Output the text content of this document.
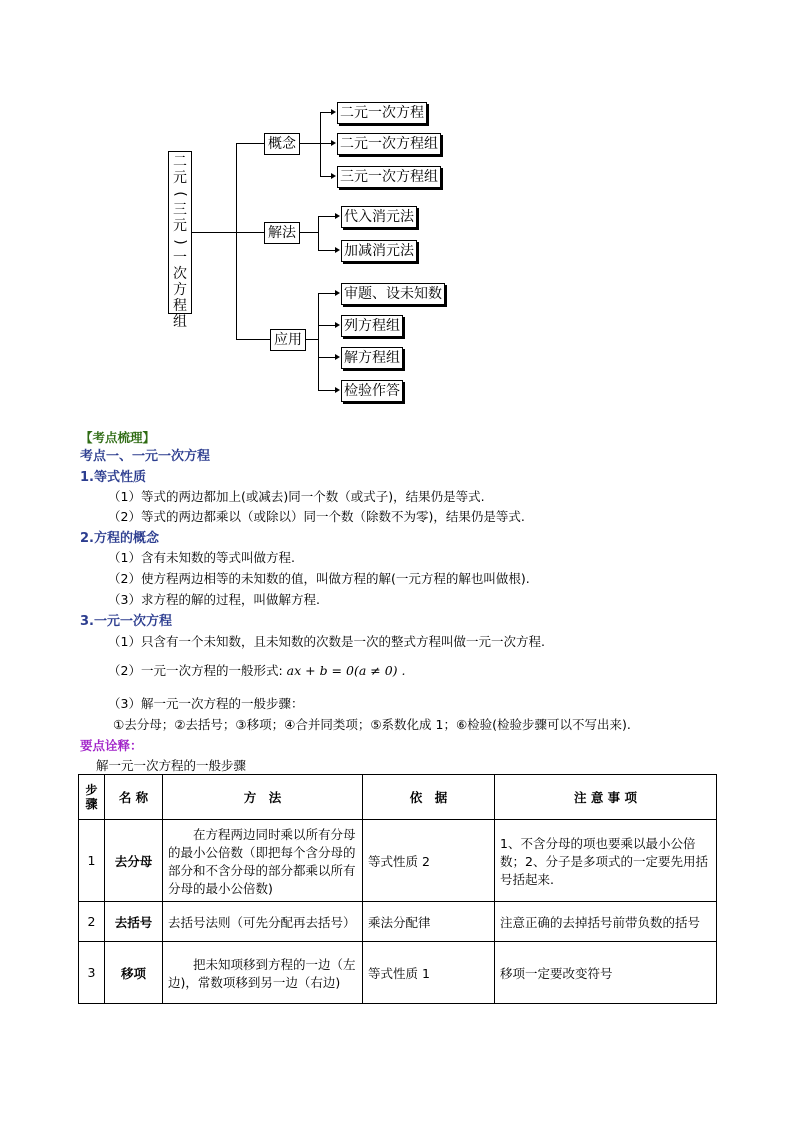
二
元
(
三
元
)
一
次
方
程
组
概念
解法
应用
二元一次方程
二元一次方程组
三元一次方程组
代入消元法
加减消元法
审题、设未知数
列方程组
解方程组
检验作答
【考点梳理】
考点一、一元一次方程
1.等式性质

（1）等式的两边都加上(或减去)同一个数（或式子)，结果仍是等式.

（2）等式的两边都乘以（或除以）同一个数（除数不为零)，结果仍是等式.

2.方程的概念

（1）含有未知数的等式叫做方程.

（2）使方程两边相等的未知数的值，叫做方程的解(一元方程的解也叫做根).

（3）求方程的解的过程，叫做解方程.

3.一元一次方程

（1）只含有一个未知数，且未知数的次数是一次的整式方程叫做一元一次方程.

（2）一元一次方程的一般形式: ax + b = 0(a ≠ 0) .

（3）解一元一次方程的一般步骤：

①去分母；②去括号；③移项；④合并同类项；⑤系数化成 1；⑥检验(检验步骤可以不写出来).

要点诠释：
解一元一次方程的一般步骤
步骤	名 称	方　法	依　据	注 意 事 项
1	去分母	在方程两边同时乘以所有分母的最小公倍数（即把每个含分母的部分和不含分母的部分都乘以所有分母的最小公倍数)	等式性质 2	1、不含分母的项也要乘以最小公倍数；2、分子是多项式的一定要先用括号括起来.
2	去括号	去括号法则（可先分配再去括号）	乘法分配律	注意正确的去掉括号前带负数的括号
3	移项	把未知项移到方程的一边（左边)，常数项移到另一边（右边)	等式性质 1	移项一定要改变符号
